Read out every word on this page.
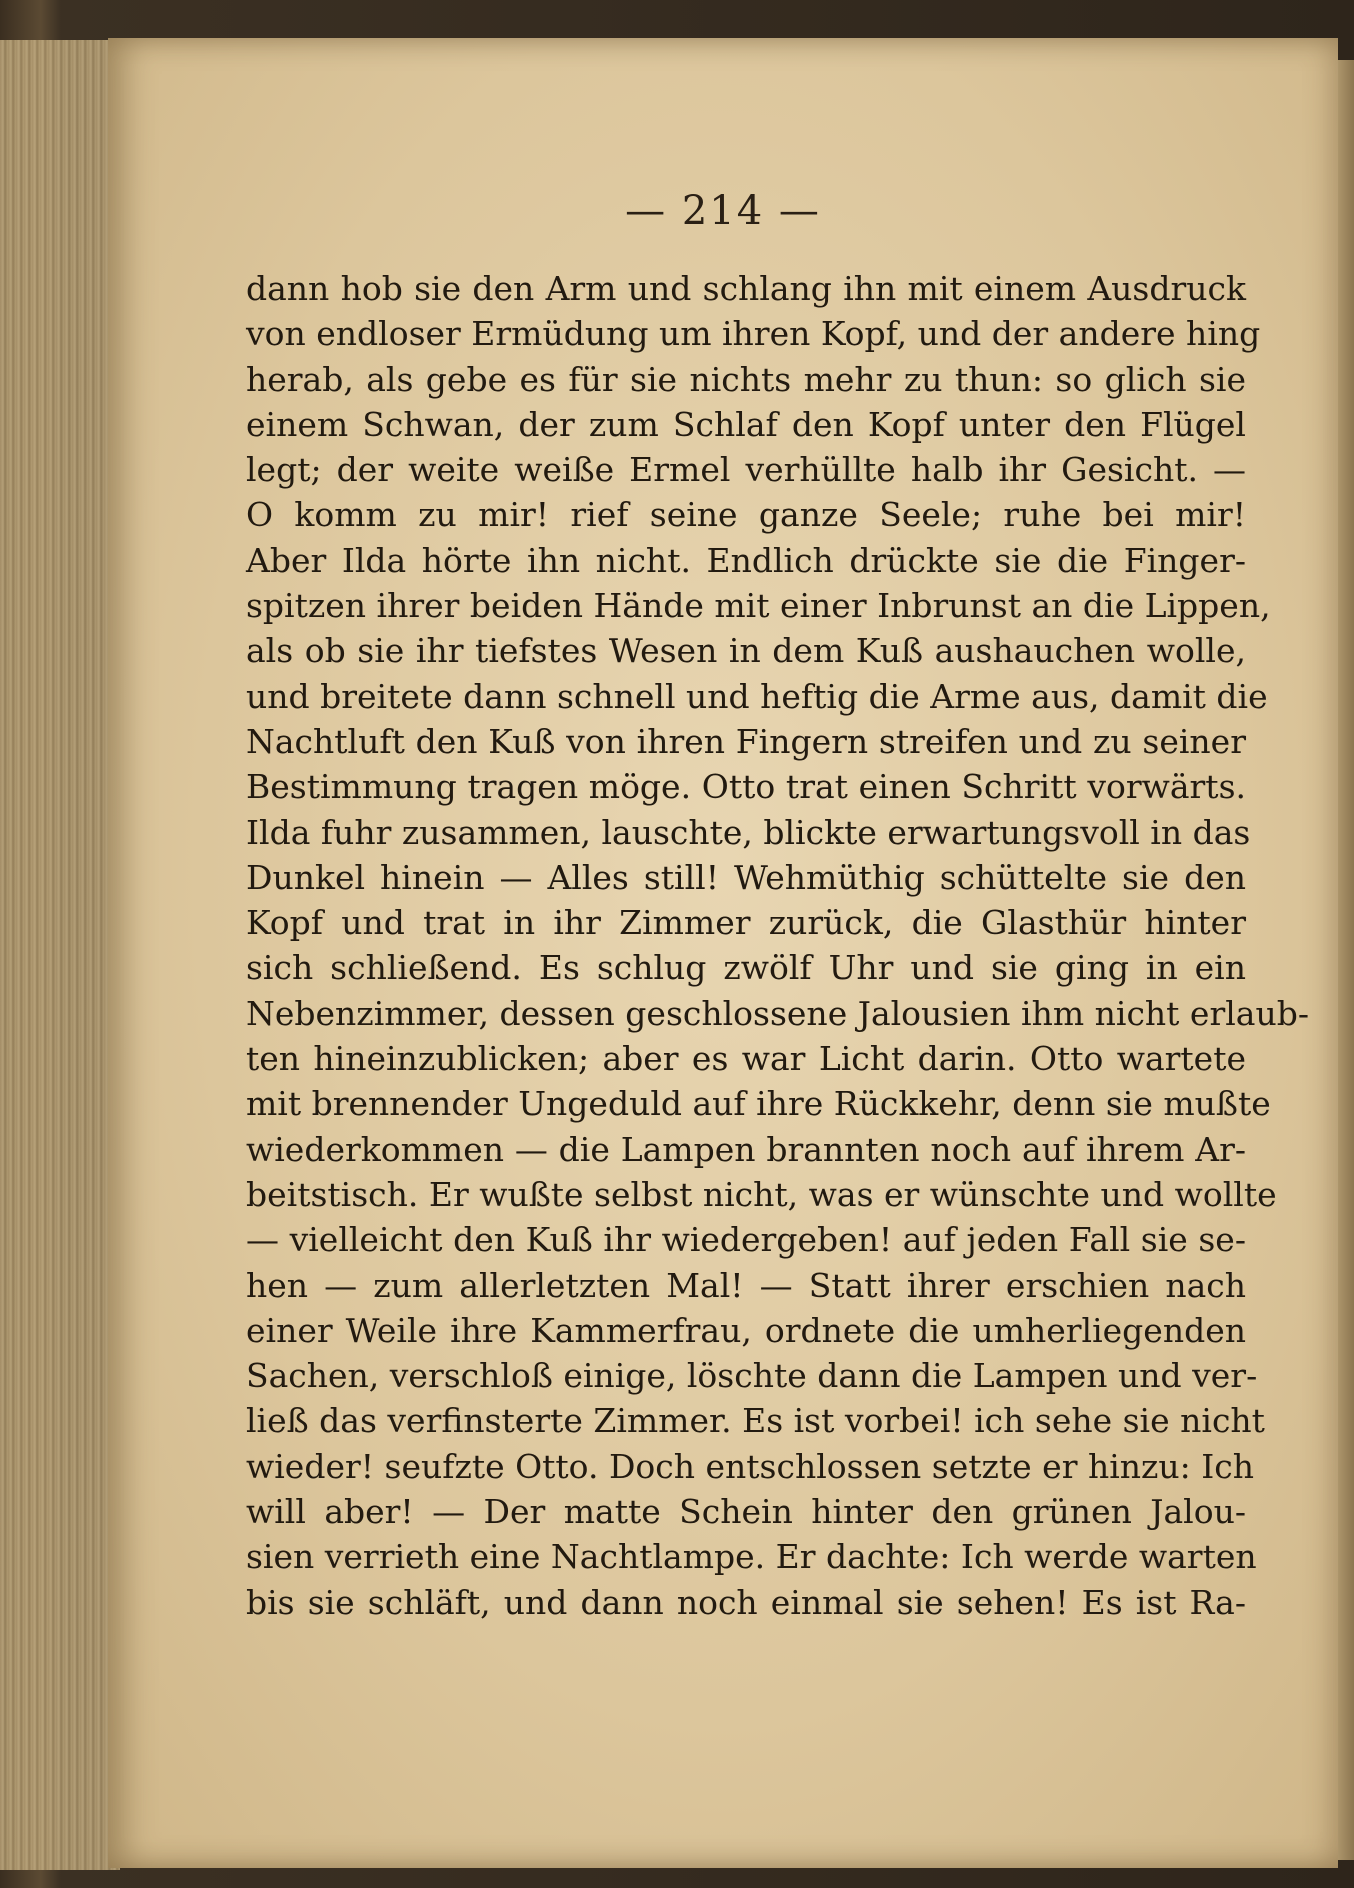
— 214 —
dann hob sie den Arm und schlang ihn mit einem Ausdruck
von endloser Ermüdung um ihren Kopf, und der andere hing
herab, als gebe es für sie nichts mehr zu thun: so glich sie
einem Schwan, der zum Schlaf den Kopf unter den Flügel
legt; der weite weiße Ermel verhüllte halb ihr Gesicht. —
O komm zu mir! rief seine ganze Seele; ruhe bei mir!
Aber Ilda hörte ihn nicht. Endlich drückte sie die Finger-
spitzen ihrer beiden Hände mit einer Inbrunst an die Lippen,
als ob sie ihr tiefstes Wesen in dem Kuß aushauchen wolle,
und breitete dann schnell und heftig die Arme aus, damit die
Nachtluft den Kuß von ihren Fingern streifen und zu seiner
Bestimmung tragen möge. Otto trat einen Schritt vorwärts.
Ilda fuhr zusammen, lauschte, blickte erwartungsvoll in das
Dunkel hinein — Alles still! Wehmüthig schüttelte sie den
Kopf und trat in ihr Zimmer zurück, die Glasthür hinter
sich schließend. Es schlug zwölf Uhr und sie ging in ein
Nebenzimmer, dessen geschlossene Jalousien ihm nicht erlaub-
ten hineinzublicken; aber es war Licht darin. Otto wartete
mit brennender Ungeduld auf ihre Rückkehr, denn sie mußte
wiederkommen — die Lampen brannten noch auf ihrem Ar-
beitstisch. Er wußte selbst nicht, was er wünschte und wollte
— vielleicht den Kuß ihr wiedergeben! auf jeden Fall sie se-
hen — zum allerletzten Mal! — Statt ihrer erschien nach
einer Weile ihre Kammerfrau, ordnete die umherliegenden
Sachen, verschloß einige, löschte dann die Lampen und ver-
ließ das verfinsterte Zimmer. Es ist vorbei! ich sehe sie nicht
wieder! seufzte Otto. Doch entschlossen setzte er hinzu: Ich
will aber! — Der matte Schein hinter den grünen Jalou-
sien verrieth eine Nachtlampe. Er dachte: Ich werde warten
bis sie schläft, und dann noch einmal sie sehen! Es ist Ra-
